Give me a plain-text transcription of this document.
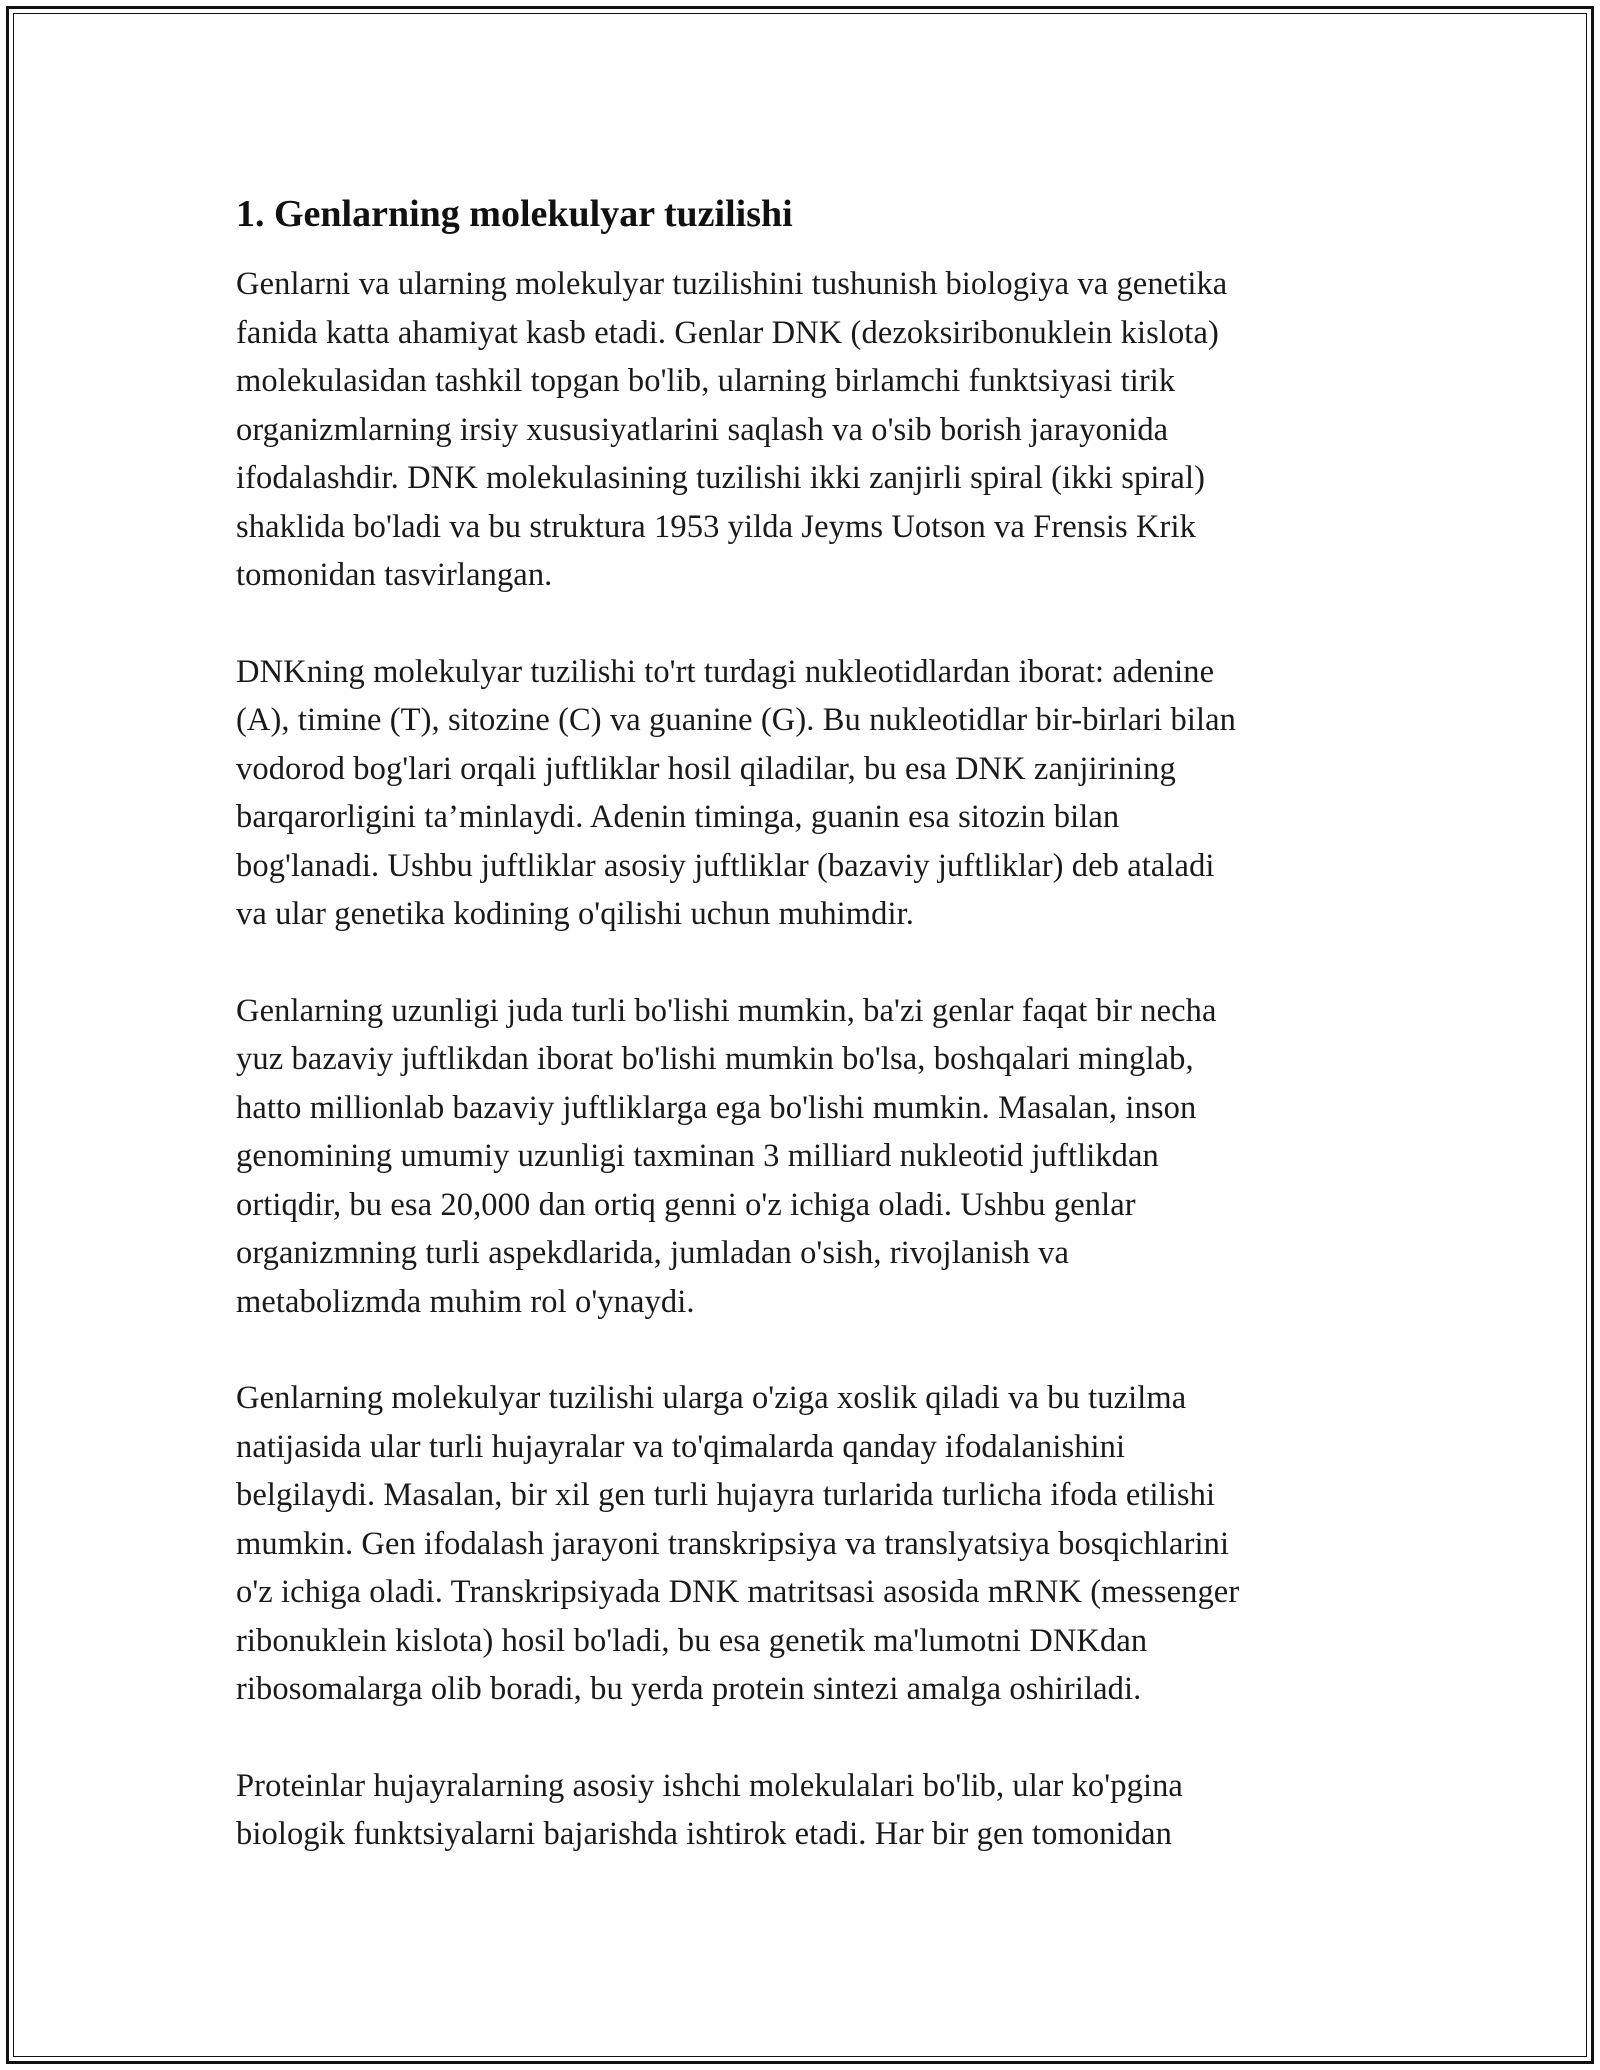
1. Genlarning molekulyar tuzilishi

Genlarni va ularning molekulyar tuzilishini tushunish biologiya va genetika
fanida katta ahamiyat kasb etadi. Genlar DNK (dezoksiribonuklein kislota)
molekulasidan tashkil topgan bo'lib, ularning birlamchi funktsiyasi tirik
organizmlarning irsiy xususiyatlarini saqlash va o'sib borish jarayonida
ifodalashdir. DNK molekulasining tuzilishi ikki zanjirli spiral (ikki spiral)
shaklida bo'ladi va bu struktura 1953 yilda Jeyms Uotson va Frensis Krik
tomonidan tasvirlangan.

DNKning molekulyar tuzilishi to'rt turdagi nukleotidlardan iborat: adenine
(A), timine (T), sitozine (C) va guanine (G). Bu nukleotidlar bir-birlari bilan
vodorod bog'lari orqali juftliklar hosil qiladilar, bu esa DNK zanjirining
barqarorligini ta’minlaydi. Adenin timinga, guanin esa sitozin bilan
bog'lanadi. Ushbu juftliklar asosiy juftliklar (bazaviy juftliklar) deb ataladi
va ular genetika kodining o'qilishi uchun muhimdir.

Genlarning uzunligi juda turli bo'lishi mumkin, ba'zi genlar faqat bir necha
yuz bazaviy juftlikdan iborat bo'lishi mumkin bo'lsa, boshqalari minglab,
hatto millionlab bazaviy juftliklarga ega bo'lishi mumkin. Masalan, inson
genomining umumiy uzunligi taxminan 3 milliard nukleotid juftlikdan
ortiqdir, bu esa 20,000 dan ortiq genni o'z ichiga oladi. Ushbu genlar
organizmning turli aspekdlarida, jumladan o'sish, rivojlanish va
metabolizmda muhim rol o'ynaydi.

Genlarning molekulyar tuzilishi ularga o'ziga xoslik qiladi va bu tuzilma
natijasida ular turli hujayralar va to'qimalarda qanday ifodalanishini
belgilaydi. Masalan, bir xil gen turli hujayra turlarida turlicha ifoda etilishi
mumkin. Gen ifodalash jarayoni transkripsiya va translyatsiya bosqichlarini
o'z ichiga oladi. Transkripsiyada DNK matritsasi asosida mRNK (messenger
ribonuklein kislota) hosil bo'ladi, bu esa genetik ma'lumotni DNKdan
ribosomalarga olib boradi, bu yerda protein sintezi amalga oshiriladi.

Proteinlar hujayralarning asosiy ishchi molekulalari bo'lib, ular ko'pgina
biologik funktsiyalarni bajarishda ishtirok etadi. Har bir gen tomonidan
